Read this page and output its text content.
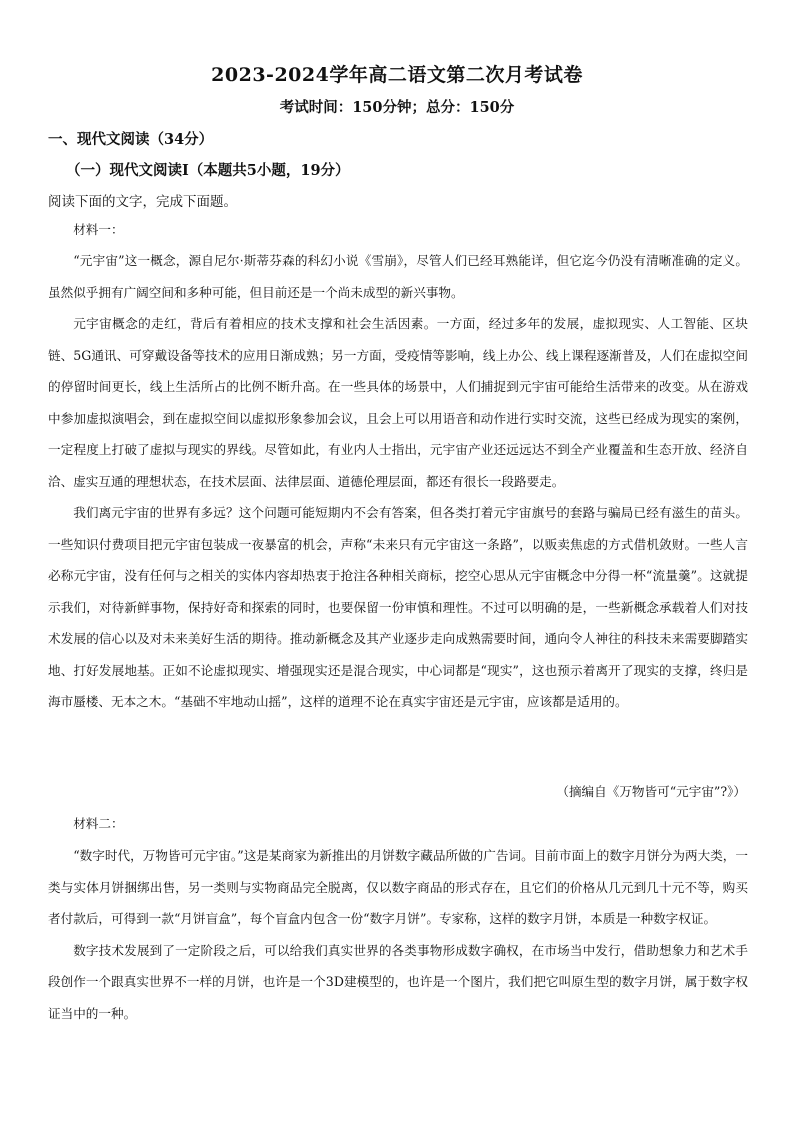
2023-2024学年高二语文第二次月考试卷
考试时间：150分钟；总分：150分
一、现代文阅读（34分）
（一）现代文阅读Ⅰ（本题共5小题，19分）
阅读下面的文字，完成下面题。

材料一：

“元宇宙”这一概念，源自尼尔·斯蒂芬森的科幻小说《雪崩》，尽管人们已经耳熟能详，但它迄今仍没有清晰准确的定义。虽然似乎拥有广阔空间和多种可能，但目前还是一个尚未成型的新兴事物。

元宇宙概念的走红，背后有着相应的技术支撑和社会生活因素。一方面，经过多年的发展，虚拟现实、人工智能、区块链、5G通讯、可穿戴设备等技术的应用日渐成熟；另一方面，受疫情等影响，线上办公、线上课程逐渐普及，人们在虚拟空间的停留时间更长，线上生活所占的比例不断升高。在一些具体的场景中，人们捕捉到元宇宙可能给生活带来的改变。从在游戏中参加虚拟演唱会，到在虚拟空间以虚拟形象参加会议，且会上可以用语音和动作进行实时交流，这些已经成为现实的案例，一定程度上打破了虚拟与现实的界线。尽管如此，有业内人士指出，元宇宙产业还远远达不到全产业覆盖和生态开放、经济自洽、虚实互通的理想状态，在技术层面、法律层面、道德伦理层面，都还有很长一段路要走。

我们离元宇宙的世界有多远？这个问题可能短期内不会有答案，但各类打着元宇宙旗号的套路与骗局已经有滋生的苗头。一些知识付费项目把元宇宙包装成一夜暴富的机会，声称“未来只有元宇宙这一条路”，以贩卖焦虑的方式借机敛财。一些人言必称元宇宙，没有任何与之相关的实体内容却热衷于抢注各种相关商标，挖空心思从元宇宙概念中分得一杯“流量羹”。这就提示我们，对待新鲜事物，保持好奇和探索的同时，也要保留一份审慎和理性。不过可以明确的是，一些新概念承载着人们对技术发展的信心以及对未来美好生活的期待。推动新概念及其产业逐步走向成熟需要时间，通向令人神往的科技未来需要脚踏实地、打好发展地基。正如不论虚拟现实、增强现实还是混合现实，中心词都是“现实”，这也预示着离开了现实的支撑，终归是海市蜃楼、无本之木。“基础不牢地动山摇”，这样的道理不论在真实宇宙还是元宇宙，应该都是适用的。

（摘编自《万物皆可“元宇宙”?》）

材料二：

“数字时代，万物皆可元宇宙。”这是某商家为新推出的月饼数字藏品所做的广告词。目前市面上的数字月饼分为两大类，一类与实体月饼捆绑出售，另一类则与实物商品完全脱离，仅以数字商品的形式存在，且它们的价格从几元到几十元不等，购买者付款后，可得到一款“月饼盲盒”，每个盲盒内包含一份“数字月饼”。专家称，这样的数字月饼，本质是一种数字权证。

数字技术发展到了一定阶段之后，可以给我们真实世界的各类事物形成数字确权，在市场当中发行，借助想象力和艺术手段创作一个跟真实世界不一样的月饼，也许是一个3D建模型的，也许是一个图片，我们把它叫原生型的数字月饼，属于数字权证当中的一种。
